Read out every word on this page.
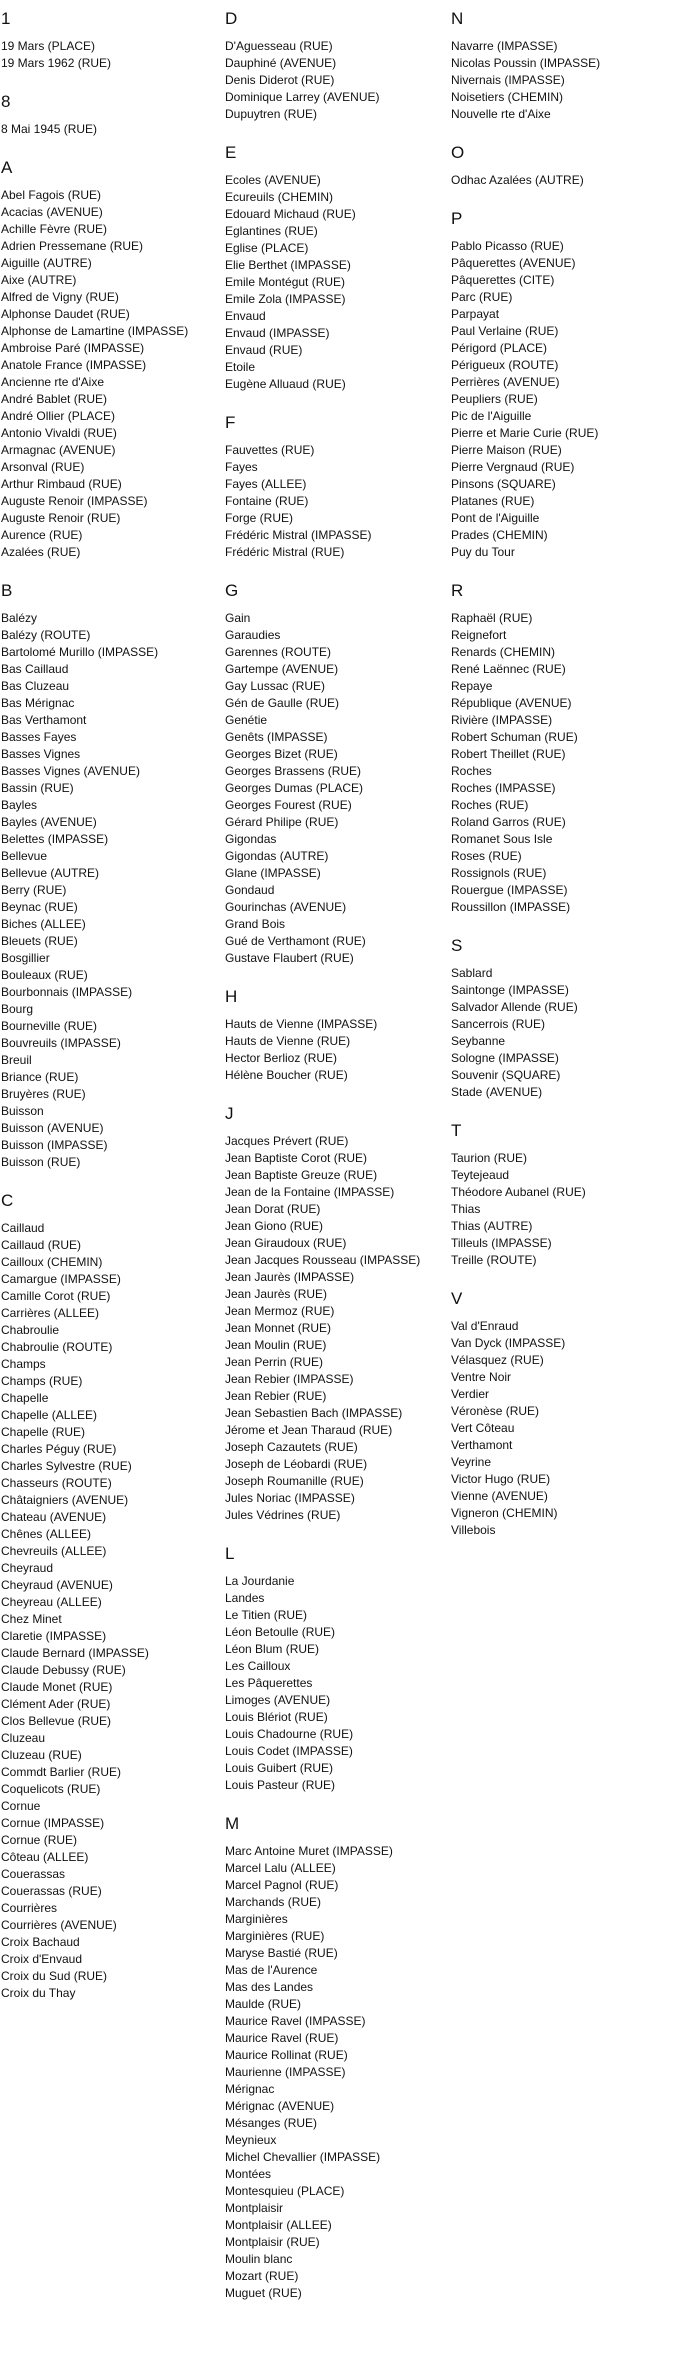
1
19 Mars (PLACE)
19 Mars 1962 (RUE)
8
8 Mai 1945 (RUE)
A
Abel Fagois (RUE)
Acacias (AVENUE)
Achille Fèvre (RUE)
Adrien Pressemane (RUE)
Aiguille (AUTRE)
Aixe (AUTRE)
Alfred de Vigny (RUE)
Alphonse Daudet (RUE)
Alphonse de Lamartine (IMPASSE)
Ambroise Paré (IMPASSE)
Anatole France (IMPASSE)
Ancienne rte d'Aixe
André Bablet (RUE)
André Ollier (PLACE)
Antonio Vivaldi (RUE)
Armagnac (AVENUE)
Arsonval (RUE)
Arthur Rimbaud (RUE)
Auguste Renoir (IMPASSE)
Auguste Renoir (RUE)
Aurence (RUE)
Azalées (RUE)
B
Balézy
Balézy (ROUTE)
Bartolomé Murillo (IMPASSE)
Bas Caillaud
Bas Cluzeau
Bas Mérignac
Bas Verthamont
Basses Fayes
Basses Vignes
Basses Vignes (AVENUE)
Bassin (RUE)
Bayles
Bayles (AVENUE)
Belettes (IMPASSE)
Bellevue
Bellevue (AUTRE)
Berry (RUE)
Beynac (RUE)
Biches (ALLEE)
Bleuets (RUE)
Bosgillier
Bouleaux (RUE)
Bourbonnais (IMPASSE)
Bourg
Bourneville (RUE)
Bouvreuils (IMPASSE)
Breuil
Briance (RUE)
Bruyères (RUE)
Buisson
Buisson (AVENUE)
Buisson (IMPASSE)
Buisson (RUE)
C
Caillaud
Caillaud (RUE)
Cailloux (CHEMIN)
Camargue (IMPASSE)
Camille Corot (RUE)
Carrières (ALLEE)
Chabroulie
Chabroulie (ROUTE)
Champs
Champs (RUE)
Chapelle
Chapelle (ALLEE)
Chapelle (RUE)
Charles Péguy (RUE)
Charles Sylvestre (RUE)
Chasseurs (ROUTE)
Châtaigniers (AVENUE)
Chateau (AVENUE)
Chênes (ALLEE)
Chevreuils (ALLEE)
Cheyraud
Cheyraud (AVENUE)
Cheyreau (ALLEE)
Chez Minet
Claretie (IMPASSE)
Claude Bernard (IMPASSE)
Claude Debussy (RUE)
Claude Monet (RUE)
Clément Ader (RUE)
Clos Bellevue (RUE)
Cluzeau
Cluzeau (RUE)
Commdt Barlier (RUE)
Coquelicots (RUE)
Cornue
Cornue (IMPASSE)
Cornue (RUE)
Côteau (ALLEE)
Couerassas
Couerassas (RUE)
Courrières
Courrières (AVENUE)
Croix Bachaud
Croix d'Envaud
Croix du Sud (RUE)
Croix du Thay
D
D'Aguesseau (RUE)
Dauphiné (AVENUE)
Denis Diderot (RUE)
Dominique Larrey (AVENUE)
Dupuytren (RUE)
E
Ecoles (AVENUE)
Ecureuils (CHEMIN)
Edouard Michaud (RUE)
Eglantines (RUE)
Eglise (PLACE)
Elie Berthet (IMPASSE)
Emile Montégut (RUE)
Emile Zola (IMPASSE)
Envaud
Envaud (IMPASSE)
Envaud (RUE)
Etoile
Eugène Alluaud (RUE)
F
Fauvettes (RUE)
Fayes
Fayes (ALLEE)
Fontaine (RUE)
Forge (RUE)
Frédéric Mistral (IMPASSE)
Frédéric Mistral (RUE)
G
Gain
Garaudies
Garennes (ROUTE)
Gartempe (AVENUE)
Gay Lussac (RUE)
Gén de Gaulle (RUE)
Genétie
Genêts (IMPASSE)
Georges Bizet (RUE)
Georges Brassens (RUE)
Georges Dumas (PLACE)
Georges Fourest (RUE)
Gérard Philipe (RUE)
Gigondas
Gigondas (AUTRE)
Glane (IMPASSE)
Gondaud
Gourinchas (AVENUE)
Grand Bois
Gué de Verthamont (RUE)
Gustave Flaubert (RUE)
H
Hauts de Vienne (IMPASSE)
Hauts de Vienne (RUE)
Hector Berlioz (RUE)
Hélène Boucher (RUE)
J
Jacques Prévert (RUE)
Jean Baptiste Corot (RUE)
Jean Baptiste Greuze (RUE)
Jean de la Fontaine (IMPASSE)
Jean Dorat (RUE)
Jean Giono (RUE)
Jean Giraudoux (RUE)
Jean Jacques Rousseau (IMPASSE)
Jean Jaurès (IMPASSE)
Jean Jaurès (RUE)
Jean Mermoz (RUE)
Jean Monnet (RUE)
Jean Moulin (RUE)
Jean Perrin (RUE)
Jean Rebier (IMPASSE)
Jean Rebier (RUE)
Jean Sebastien Bach (IMPASSE)
Jérome et Jean Tharaud (RUE)
Joseph Cazautets (RUE)
Joseph de Léobardi (RUE)
Joseph Roumanille (RUE)
Jules Noriac (IMPASSE)
Jules Védrines (RUE)
L
La Jourdanie
Landes
Le Titien (RUE)
Léon Betoulle (RUE)
Léon Blum (RUE)
Les Cailloux
Les Pâquerettes
Limoges (AVENUE)
Louis Blériot (RUE)
Louis Chadourne (RUE)
Louis Codet (IMPASSE)
Louis Guibert (RUE)
Louis Pasteur (RUE)
M
Marc Antoine Muret (IMPASSE)
Marcel Lalu (ALLEE)
Marcel Pagnol (RUE)
Marchands (RUE)
Marginières
Marginières (RUE)
Maryse Bastié (RUE)
Mas de l'Aurence
Mas des Landes
Maulde (RUE)
Maurice Ravel (IMPASSE)
Maurice Ravel (RUE)
Maurice Rollinat (RUE)
Maurienne (IMPASSE)
Mérignac
Mérignac (AVENUE)
Mésanges (RUE)
Meynieux
Michel Chevallier (IMPASSE)
Montées
Montesquieu (PLACE)
Montplaisir
Montplaisir (ALLEE)
Montplaisir (RUE)
Moulin blanc
Mozart (RUE)
Muguet (RUE)
N
Navarre (IMPASSE)
Nicolas Poussin (IMPASSE)
Nivernais (IMPASSE)
Noisetiers (CHEMIN)
Nouvelle rte d'Aixe
O
Odhac Azalées (AUTRE)
P
Pablo Picasso (RUE)
Pâquerettes (AVENUE)
Pâquerettes (CITE)
Parc (RUE)
Parpayat
Paul Verlaine (RUE)
Périgord (PLACE)
Périgueux (ROUTE)
Perrières (AVENUE)
Peupliers (RUE)
Pic de l'Aiguille
Pierre et Marie Curie (RUE)
Pierre Maison (RUE)
Pierre Vergnaud (RUE)
Pinsons (SQUARE)
Platanes (RUE)
Pont de l'Aiguille
Prades (CHEMIN)
Puy du Tour
R
Raphaël (RUE)
Reignefort
Renards (CHEMIN)
René Laënnec (RUE)
Repaye
République (AVENUE)
Rivière (IMPASSE)
Robert Schuman (RUE)
Robert Theillet (RUE)
Roches
Roches (IMPASSE)
Roches (RUE)
Roland Garros (RUE)
Romanet Sous Isle
Roses (RUE)
Rossignols (RUE)
Rouergue (IMPASSE)
Roussillon (IMPASSE)
S
Sablard
Saintonge (IMPASSE)
Salvador Allende (RUE)
Sancerrois (RUE)
Seybanne
Sologne (IMPASSE)
Souvenir (SQUARE)
Stade (AVENUE)
T
Taurion (RUE)
Teytejeaud
Théodore Aubanel (RUE)
Thias
Thias (AUTRE)
Tilleuls (IMPASSE)
Treille (ROUTE)
V
Val d'Enraud
Van Dyck (IMPASSE)
Vélasquez (RUE)
Ventre Noir
Verdier
Véronèse (RUE)
Vert Côteau
Verthamont
Veyrine
Victor Hugo (RUE)
Vienne (AVENUE)
Vigneron (CHEMIN)
Villebois
